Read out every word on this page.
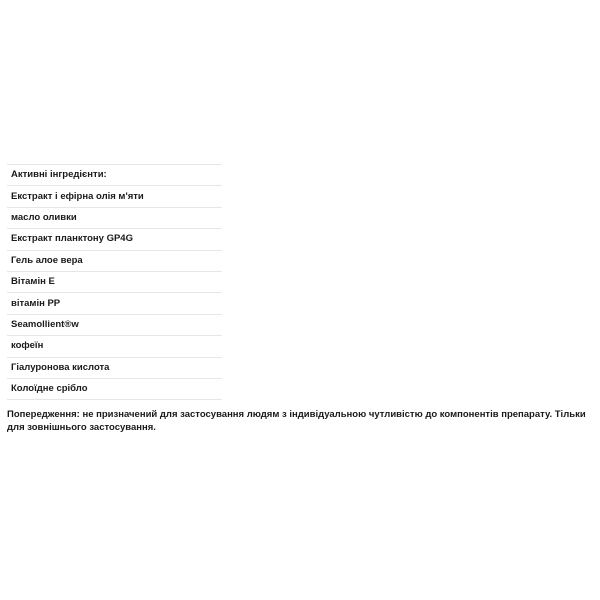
Активні інгредієнти:
Екстракт і ефірна олія м'яти
масло оливки
Екстракт планктону GP4G
Гель алое вера
Вітамін Е
вітамін PP
Seamollient®w
кофеїн
Гіалуронова кислота
Колоїдне срібло

Попередження: не призначений для застосування людям з індивідуальною чутливістю до компонентів препарату. Тільки для зовнішнього застосування.
